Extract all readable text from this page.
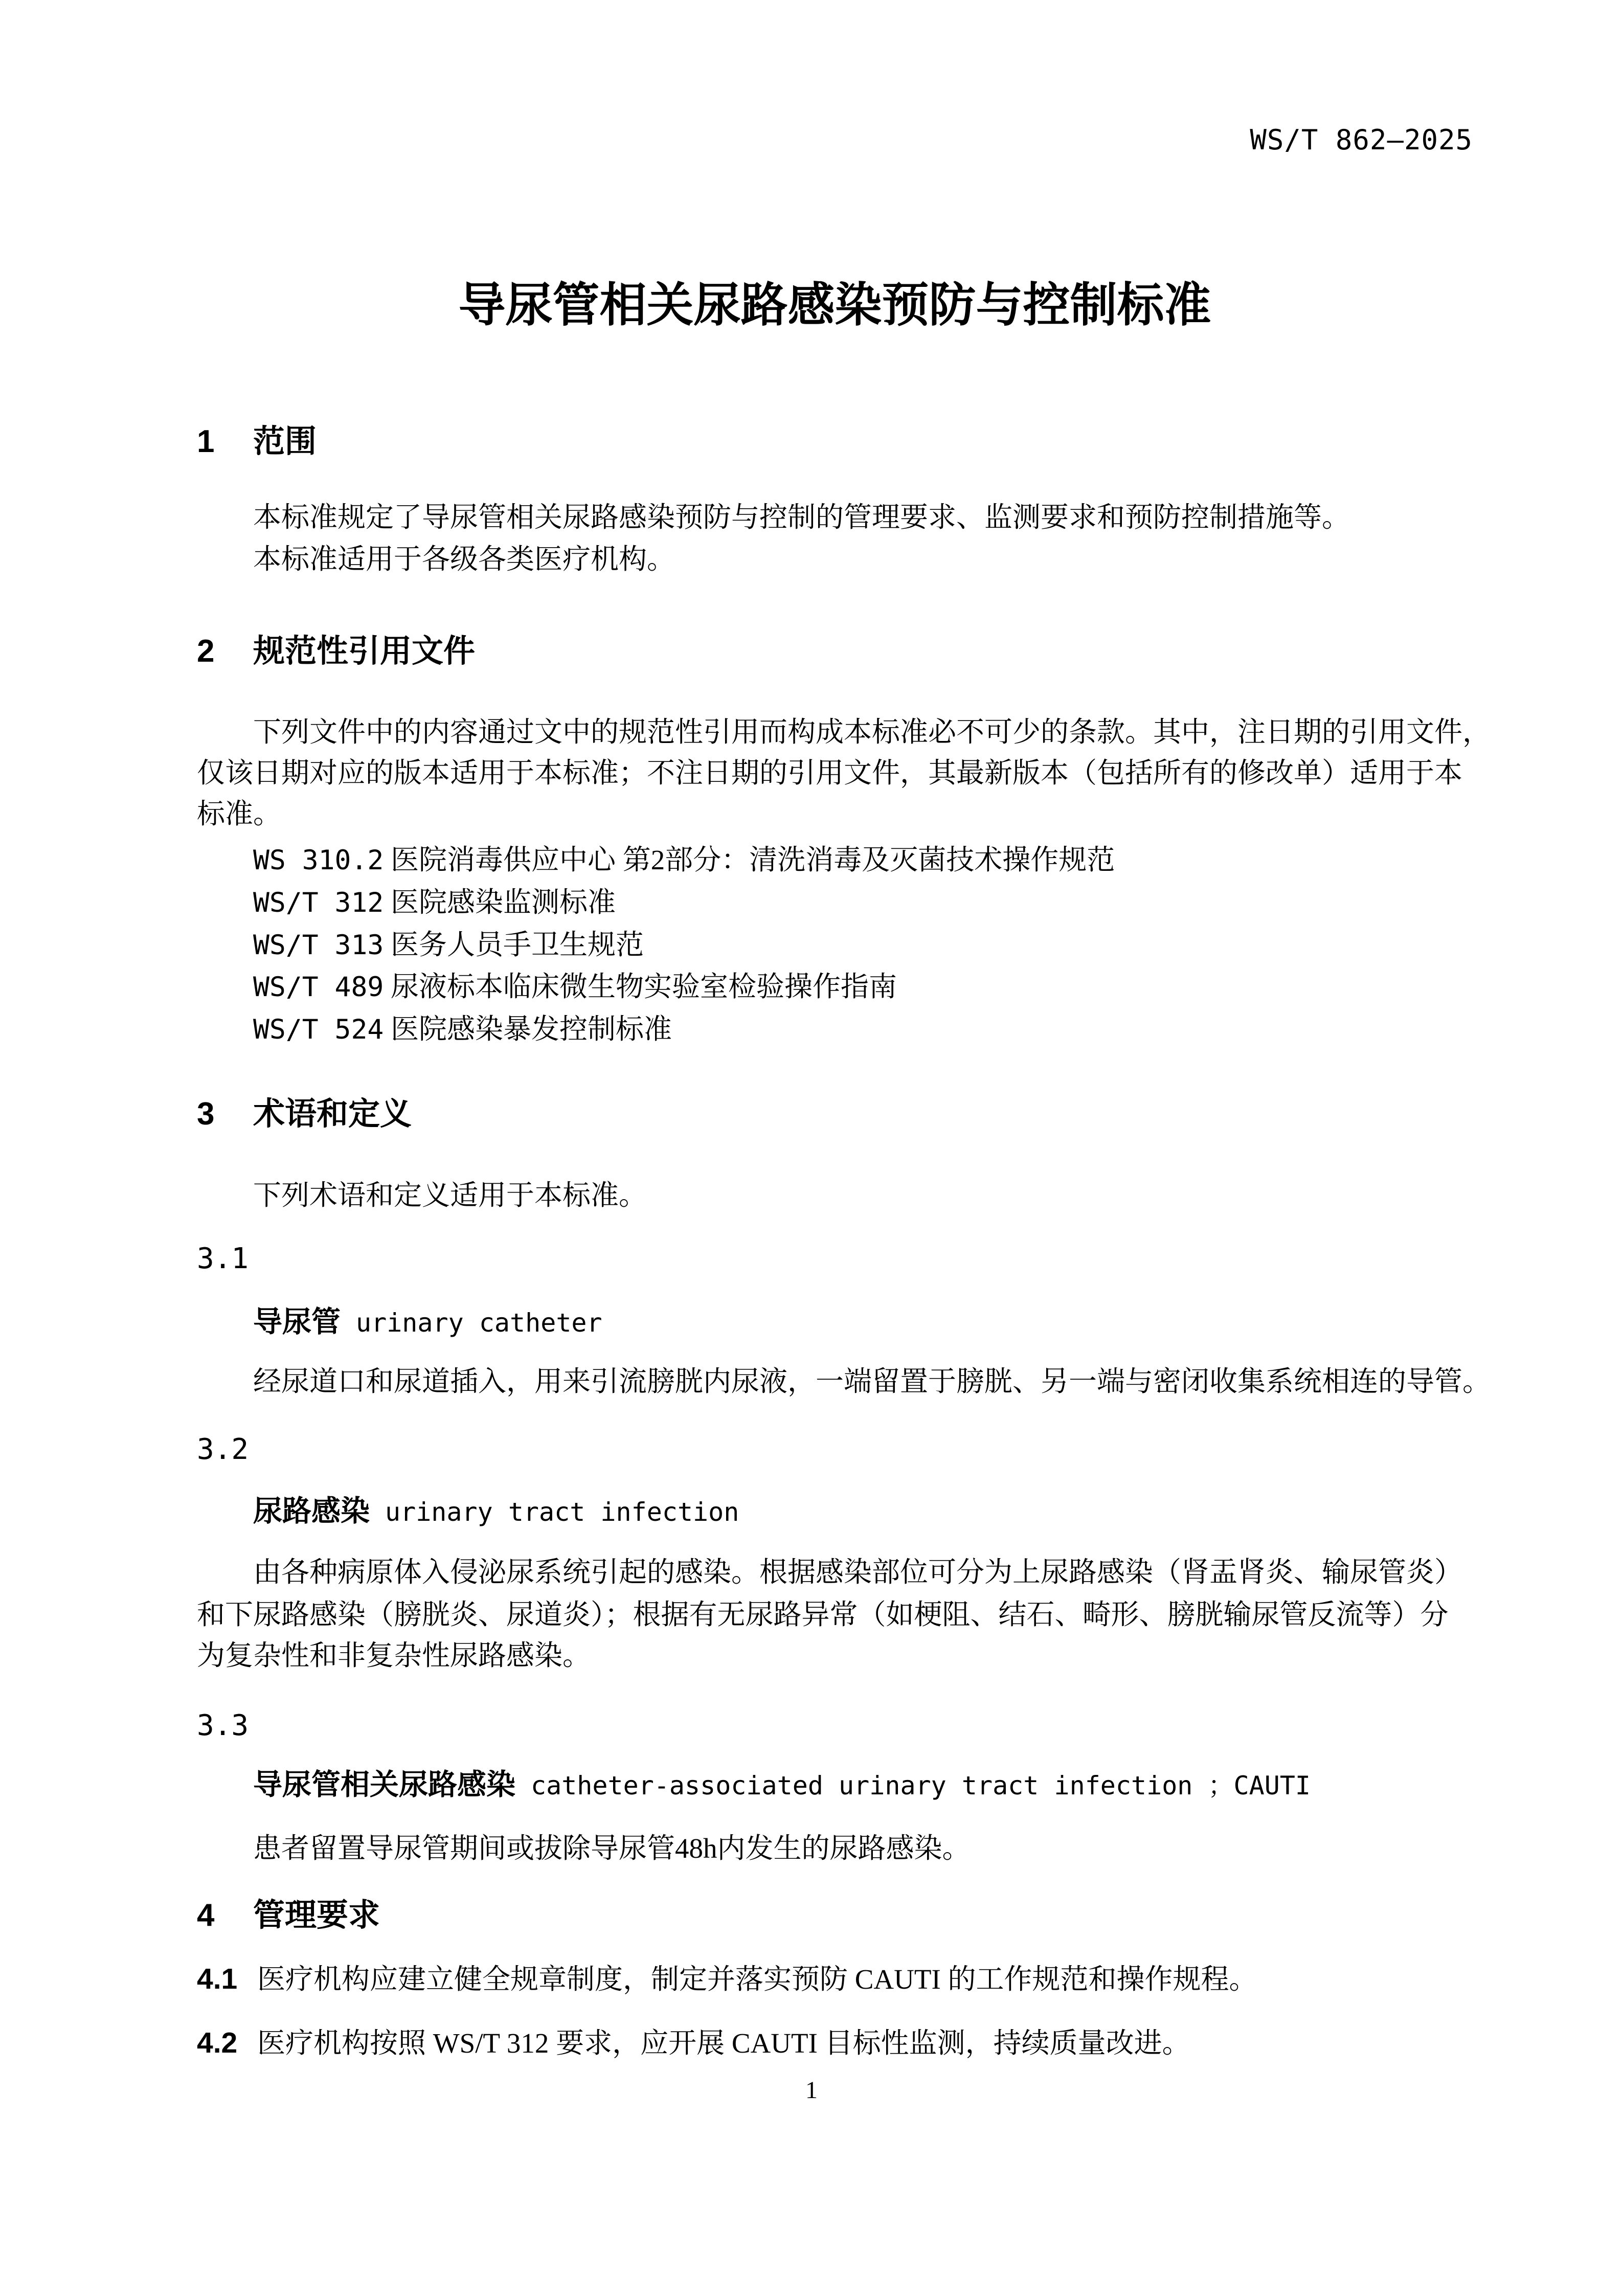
WS/T 862—2025
导尿管相关尿路感染预防与控制标准
1 范围
本标准规定了导尿管相关尿路感染预防与控制的管理要求、监测要求和预防控制措施等。
本标准适用于各级各类医疗机构。
2 规范性引用文件
下列文件中的内容通过文中的规范性引用而构成本标准必不可少的条款。其中，注日期的引用文件，
仅该日期对应的版本适用于本标准；不注日期的引用文件，其最新版本（包括所有的修改单）适用于本
标准。
WS 310.2 医院消毒供应中心 第2部分：清洗消毒及灭菌技术操作规范
WS/T 312 医院感染监测标准
WS/T 313 医务人员手卫生规范
WS/T 489 尿液标本临床微生物实验室检验操作指南
WS/T 524 医院感染暴发控制标准
3 术语和定义
下列术语和定义适用于本标准。
3.1
导尿管 urinary catheter
经尿道口和尿道插入，用来引流膀胱内尿液，一端留置于膀胱、另一端与密闭收集系统相连的导管。
3.2
尿路感染 urinary tract infection
由各种病原体入侵泌尿系统引起的感染。根据感染部位可分为上尿路感染（肾盂肾炎、输尿管炎）
和下尿路感染（膀胱炎、尿道炎）；根据有无尿路异常（如梗阻、结石、畸形、膀胱输尿管反流等）分
为复杂性和非复杂性尿路感染。
3.3
导尿管相关尿路感染 catheter-associated urinary tract infection ；CAUTI
患者留置导尿管期间或拔除导尿管48h内发生的尿路感染。
4 管理要求
4.1 医疗机构应建立健全规章制度，制定并落实预防 CAUTI 的工作规范和操作规程。
4.2 医疗机构按照 WS/T 312 要求，应开展 CAUTI 目标性监测，持续质量改进。
1
